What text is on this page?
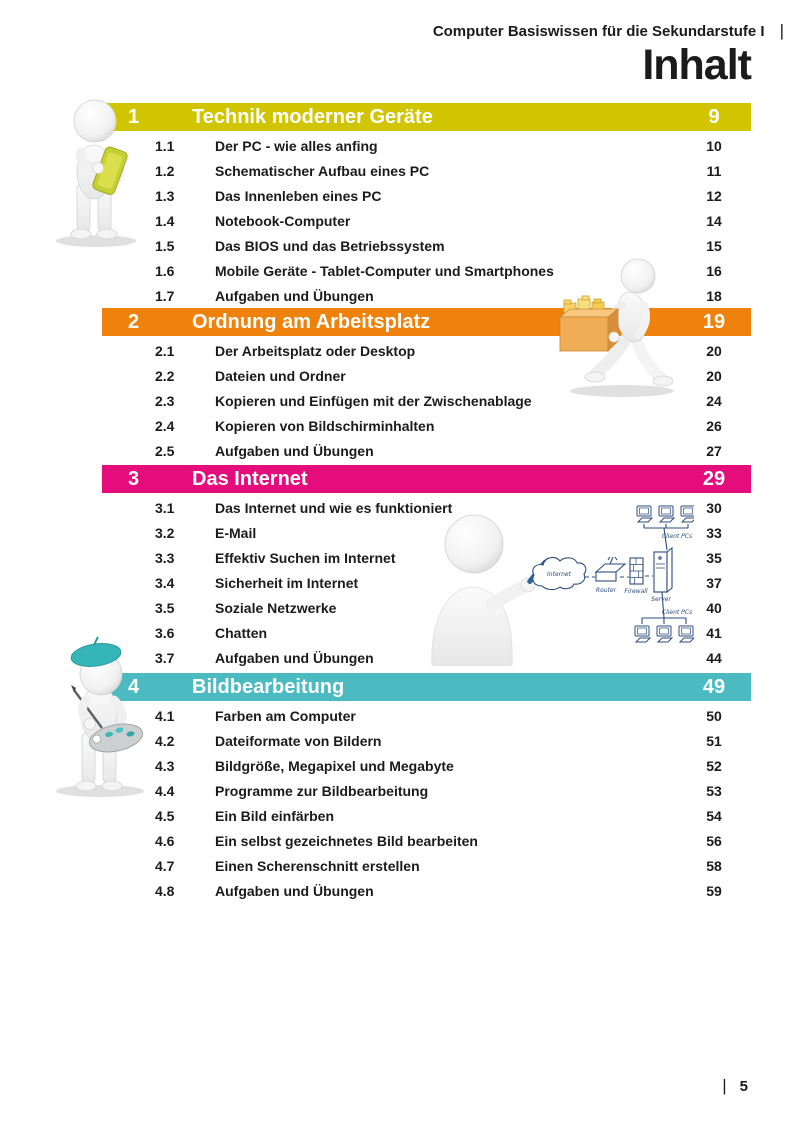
Computer Basiswissen für die Sekundarstufe I |
Inhalt
1	Technik moderner Geräte	9
1.1	Der PC - wie alles anfing	10
1.2	Schematischer Aufbau eines PC	11
1.3	Das Innenleben eines PC	12
1.4	Notebook-Computer	14
1.5	Das BIOS und das Betriebssystem	15
1.6	Mobile Geräte - Tablet-Computer und Smartphones	16
1.7	Aufgaben und Übungen	18
2	Ordnung am Arbeitsplatz	19
2.1	Der Arbeitsplatz oder Desktop	20
2.2	Dateien und Ordner	20
2.3	Kopieren und Einfügen mit der Zwischenablage	24
2.4	Kopieren von Bildschirminhalten	26
2.5	Aufgaben und Übungen	27
3	Das Internet	29
3.1	Das Internet und wie es funktioniert	30
3.2	E-Mail	33
3.3	Effektiv Suchen im Internet	35
3.4	Sicherheit im Internet	37
3.5	Soziale Netzwerke	40
3.6	Chatten	41
3.7	Aufgaben und Übungen	44
4	Bildbearbeitung	49
4.1	Farben am Computer	50
4.2	Dateiformate von Bildern	51
4.3	Bildgröße, Megapixel und Megabyte	52
4.4	Programme zur Bildbearbeitung	53
4.5	Ein Bild einfärben	54
4.6	Ein selbst gezeichnetes Bild bearbeiten	56
4.7	Einen Scherenschnitt erstellen	58
4.8	Aufgaben und Übungen	59
Internet
Router Firewall
Server
Client PCs
Client PCs
| 5
